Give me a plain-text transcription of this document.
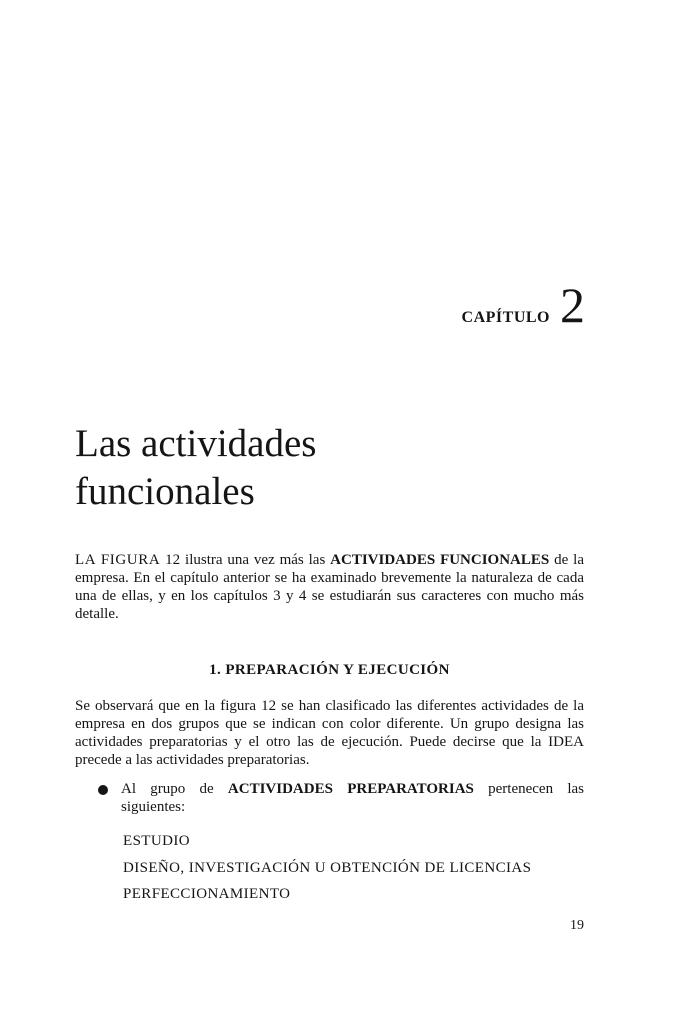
CAPÍTULO 2
Las actividades
funcionales

LA FIGURA 12 ilustra una vez más las ACTIVIDADES FUNCIONALES de la empresa. En el capítulo anterior se ha examinado brevemente la naturaleza de cada una de ellas, y en los capítulos 3 y 4 se estudiarán sus caracteres con mucho más detalle.

1. PREPARACIÓN Y EJECUCIÓN

Se observará que en la figura 12 se han clasificado las diferentes actividades de la empresa en dos grupos que se indican con color diferente. Un grupo designa las actividades preparatorias y el otro las de ejecución. Puede decirse que la IDEA precede a las actividades preparatorias.

Al grupo de ACTIVIDADES PREPARATORIAS pertenecen las siguientes:

ESTUDIO

DISEÑO, INVESTIGACIÓN U OBTENCIÓN DE LICENCIAS

PERFECCIONAMIENTO

19
